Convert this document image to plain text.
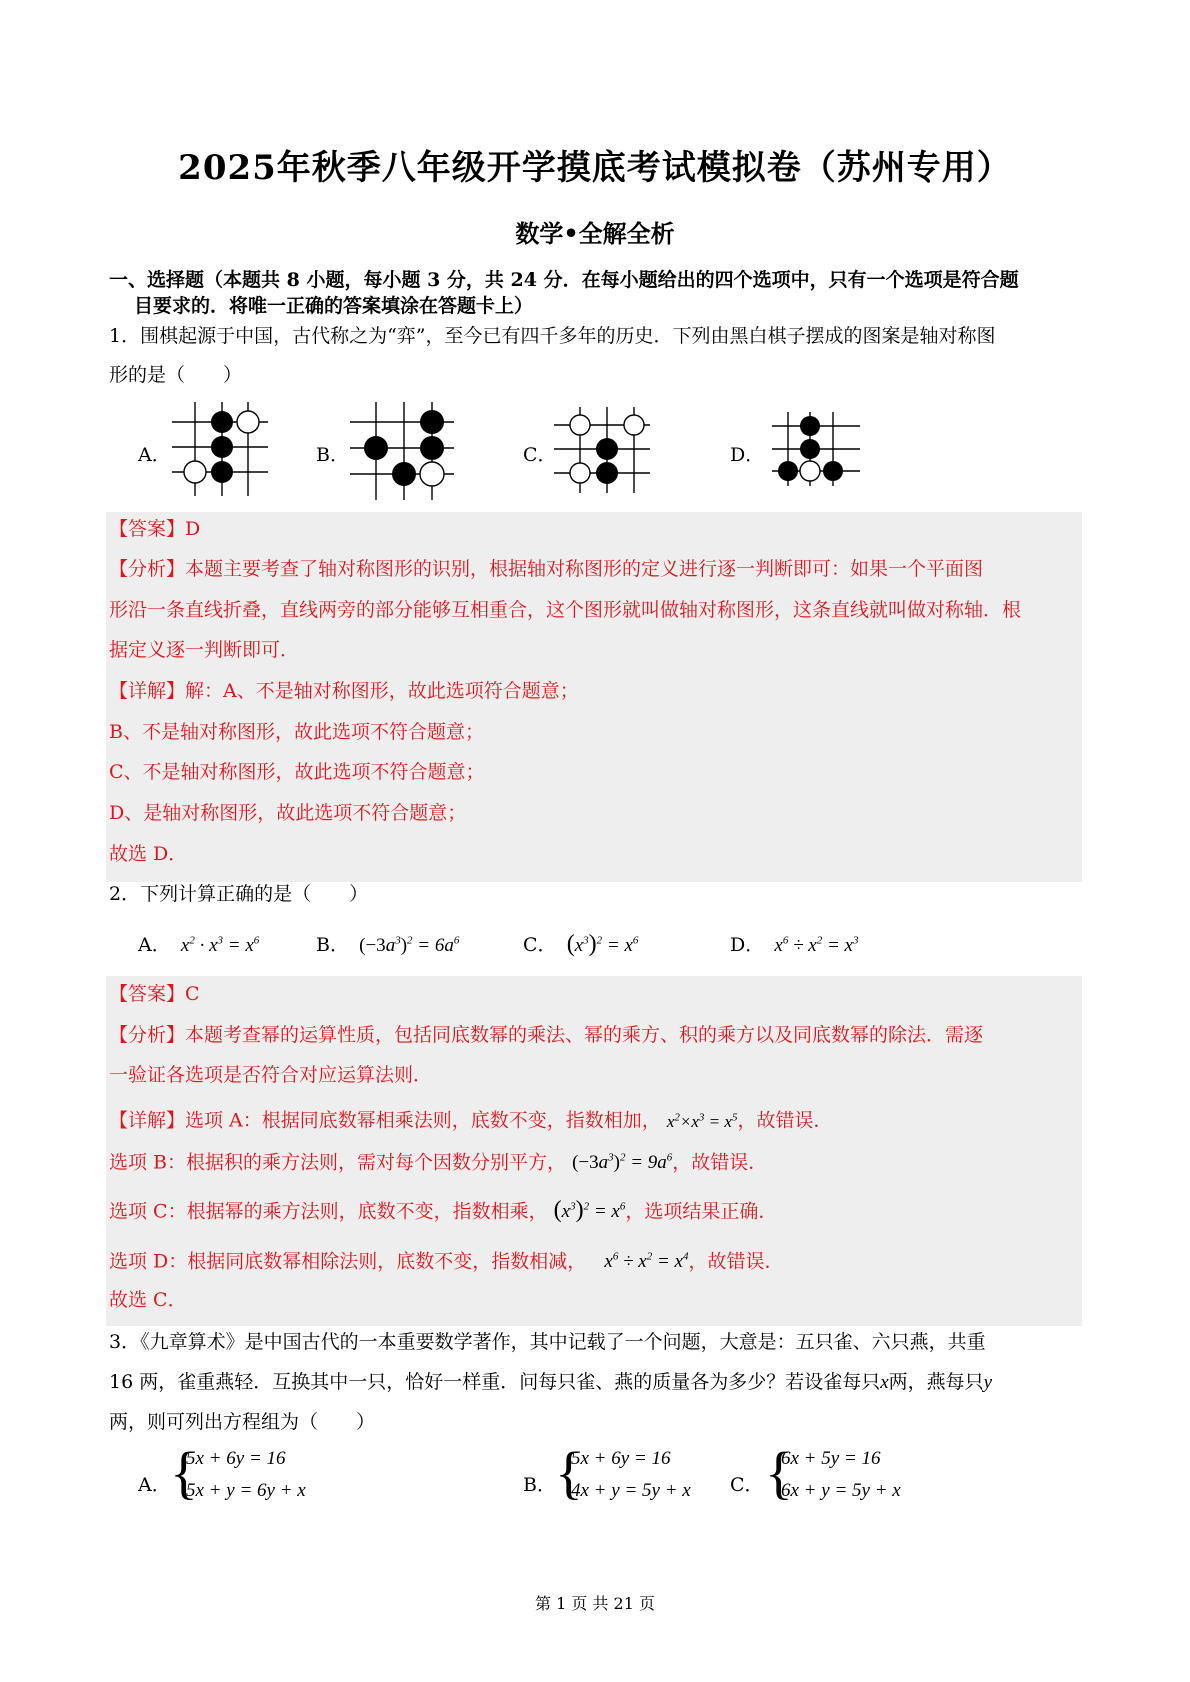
2025年秋季八年级开学摸底考试模拟卷（苏州专用）
数学•全解全析
一、选择题（本题共 8 小题，每小题 3 分，共 24 分．在每小题给出的四个选项中，只有一个选项是符合题
目要求的．将唯一正确的答案填涂在答题卡上）
1．围棋起源于中国，古代称之为“弈”，至今已有四千多年的历史．下列由黑白棋子摆成的图案是轴对称图
形的是（　　）
A．	B．	C．	D．
【答案】D
【分析】本题主要考查了轴对称图形的识别，根据轴对称图形的定义进行逐一判断即可：如果一个平面图
形沿一条直线折叠，直线两旁的部分能够互相重合，这个图形就叫做轴对称图形，这条直线就叫做对称轴．根
据定义逐一判断即可．
【详解】解：A、不是轴对称图形，故此选项符合题意；
B、不是轴对称图形，故此选项不符合题意；
C、不是轴对称图形，故此选项不符合题意；
D、是轴对称图形，故此选项不符合题意；
故选 D．
2．下列计算正确的是（　　）
A． $x^2 \cdot x^3 = x^6$	B． $(-3a^3)^2 = 6a^6$	C． $(x^3)^2 = x^6$	D． $x^6 \div x^2 = x^3$
【答案】C
【分析】本题考查幂的运算性质，包括同底数幂的乘法、幂的乘方、积的乘方以及同底数幂的除法．需逐
一验证各选项是否符合对应运算法则．
【详解】选项 A：根据同底数幂相乘法则，底数不变，指数相加， $x^2\times x^3 = x^5$，故错误．
选项 B：根据积的乘方法则，需对每个因数分别平方， $(-3a^3)^2 = 9a^6$，故错误．
选项 C：根据幂的乘方法则，底数不变，指数相乘， $(x^3)^2 = x^6$，选项结果正确．
选项 D：根据同底数幂相除法则，底数不变，指数相减， $x^6 \div x^2 = x^4$，故错误．
故选 C．
3．《九章算术》是中国古代的一本重要数学著作，其中记载了一个问题，大意是：五只雀、六只燕，共重
16 两，雀重燕轻．互换其中一只，恰好一样重．问每只雀、燕的质量各为多少？若设雀每只x两，燕每只y
两，则可列出方程组为（　　）
A． {
5x + 6y = 16
5x + y = 6y + x	B． {
5x + 6y = 16
4x + y = 5y + x C． {
6x + 5y = 16
6x + y = 5y + x
第 1 页 共 21 页
